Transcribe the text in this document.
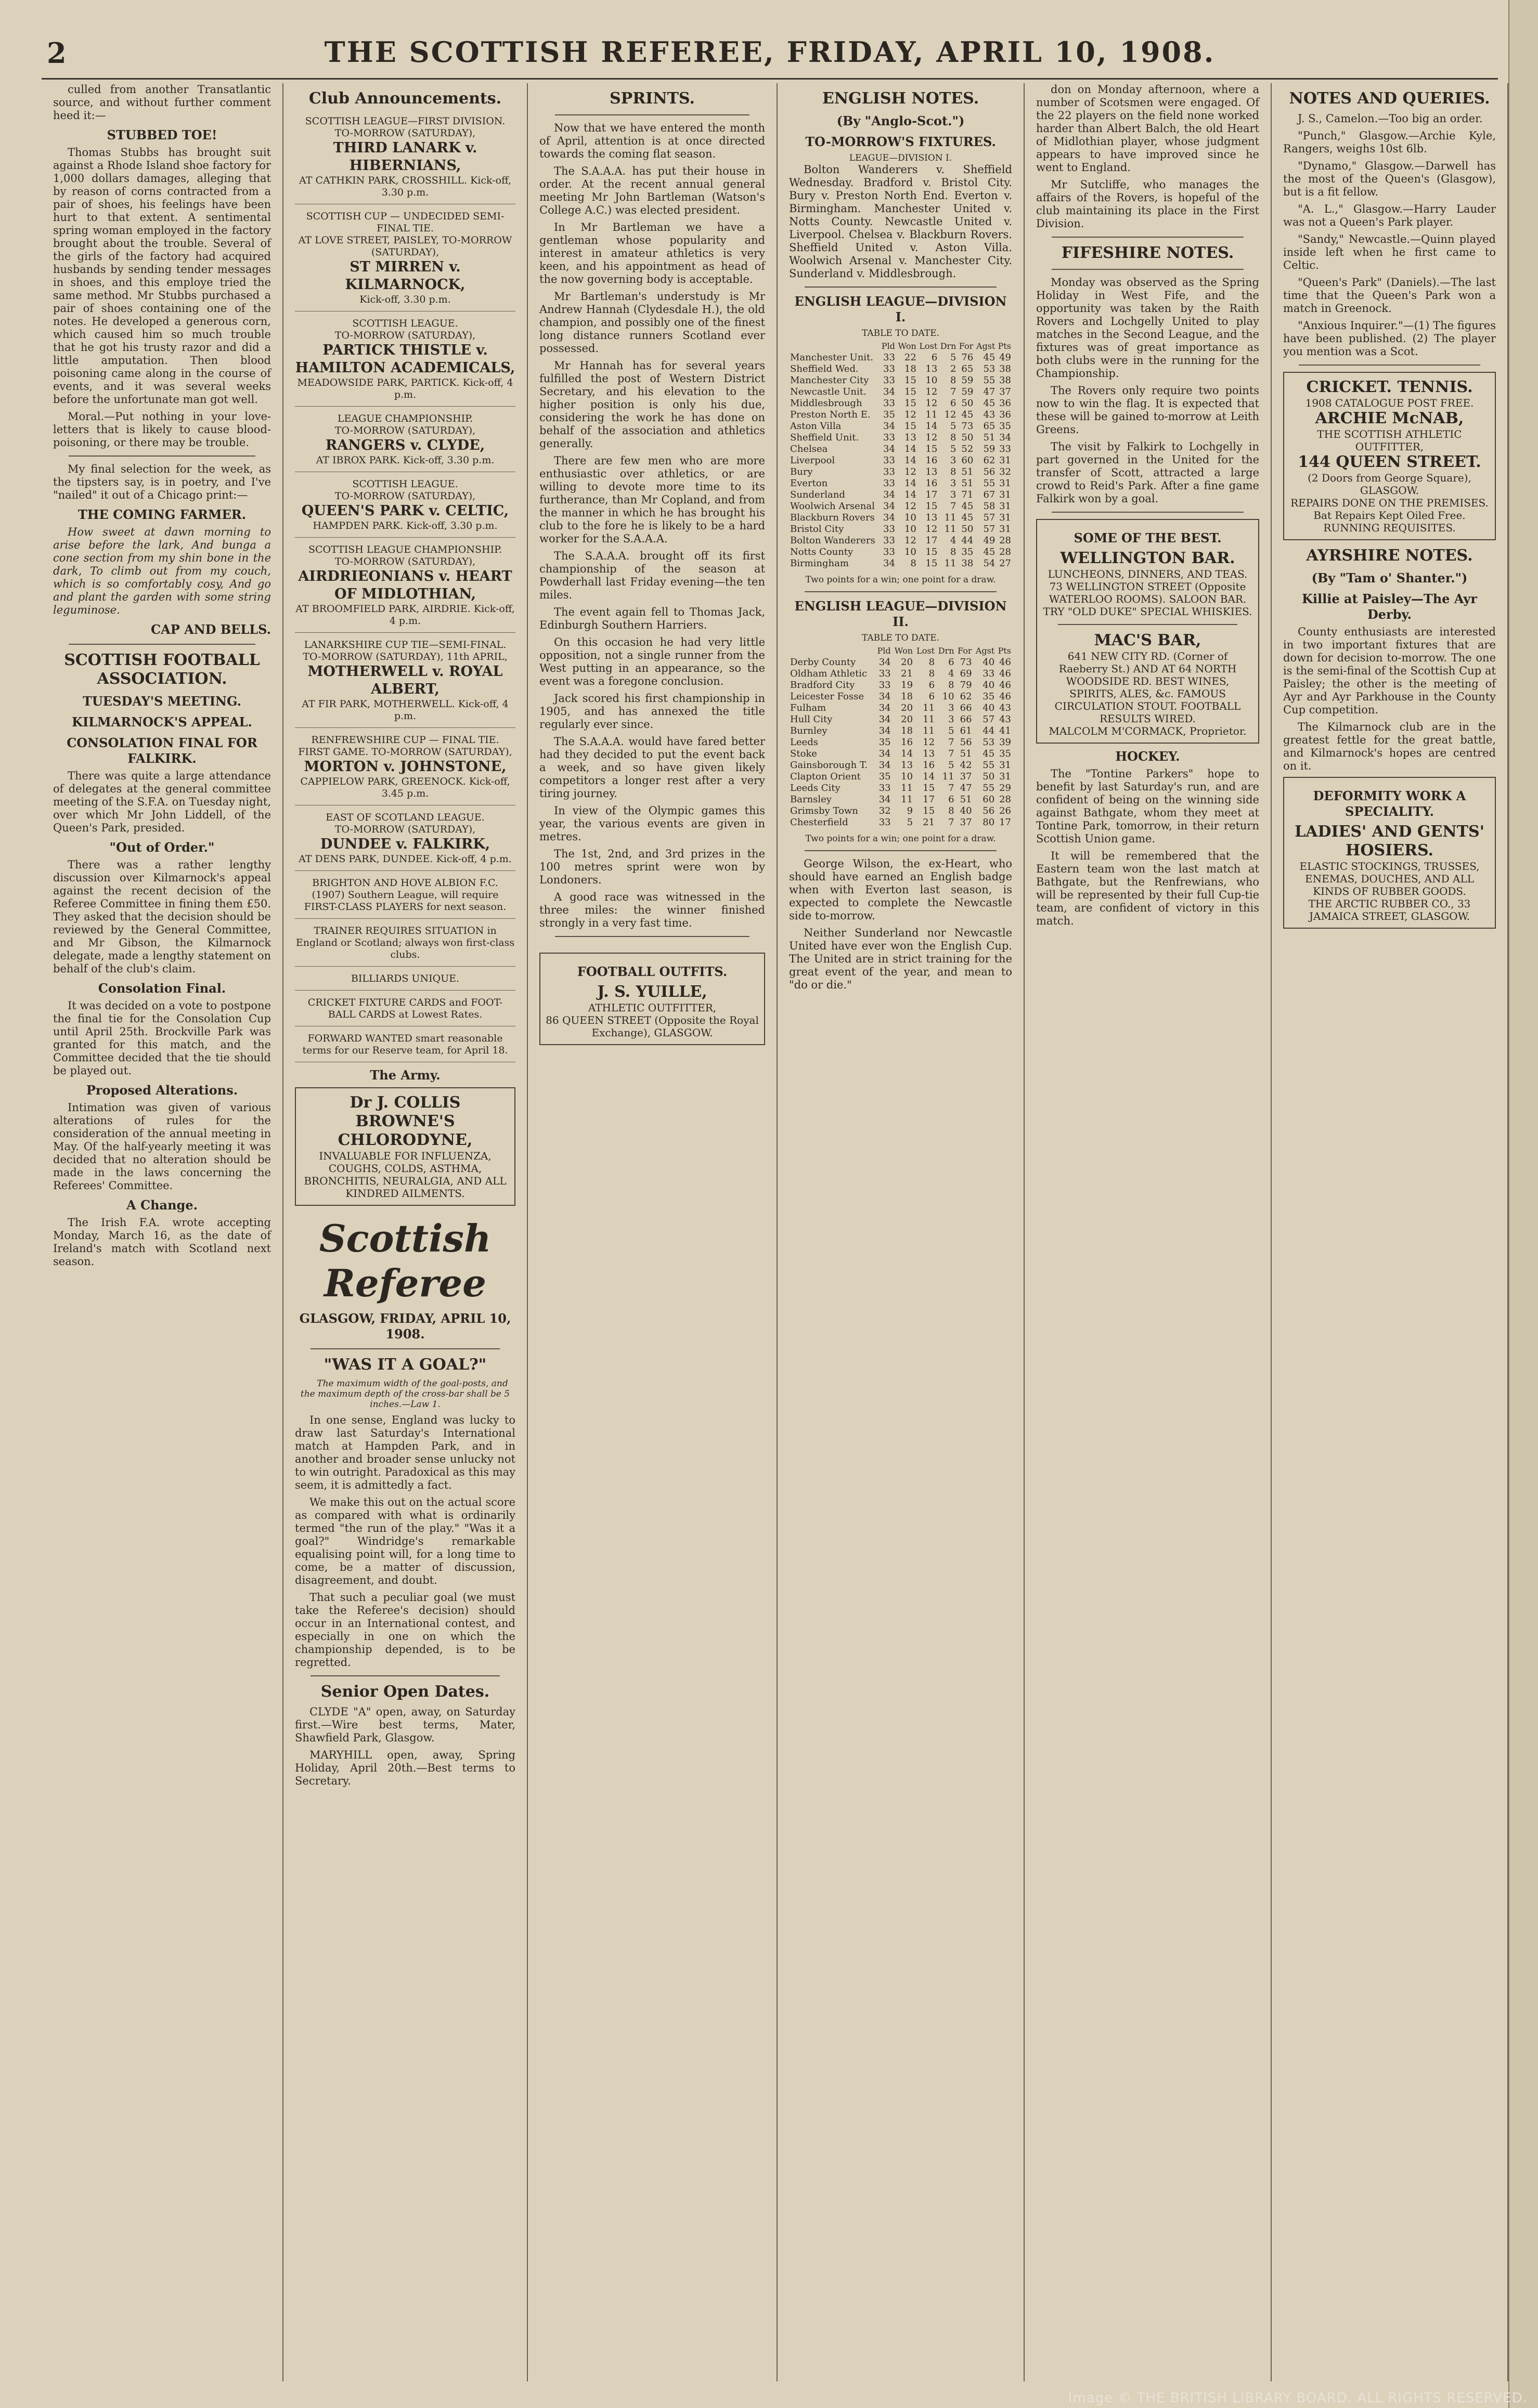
2	THE SCOTTISH REFEREE, FRIDAY, APRIL 10, 1908.

culled from another Transatlantic source, and without further comment heed it:—

STUBBED TOE!

Thomas Stubbs has brought suit against a Rhode Island shoe factory for 1,000 dollars damages, alleging that by reason of corns contracted from a pair of shoes, his feelings have been hurt to that extent. A sentimental spring woman employed in the factory brought about the trouble. Several of the girls of the factory had acquired husbands by sending tender messages in shoes, and this employe tried the same method. Mr Stubbs purchased a pair of shoes containing one of the notes. He developed a generous corn, which caused him so much trouble that he got his trusty razor and did a little amputation. Then blood poisoning came along in the course of events, and it was several weeks before the unfortunate man got well.

Moral.—Put nothing in your love-letters that is likely to cause blood-poisoning, or there may be trouble.

My final selection for the week, as the tipsters say, is in poetry, and I've "nailed" it out of a Chicago print:—

THE COMING FARMER.

How sweet at dawn morning to arise before the lark, And bunga a cone section from my shin bone in the dark, To climb out from my couch, which is so comfortably cosy, And go and plant the garden with some string leguminose.

CAP AND BELLS.
SCOTTISH FOOTBALL ASSOCIATION.
TUESDAY'S MEETING.
KILMARNOCK'S APPEAL.
CONSOLATION FINAL FOR FALKIRK.

There was quite a large attendance of delegates at the general committee meeting of the S.F.A. on Tuesday night, over which Mr John Liddell, of the Queen's Park, presided.

"Out of Order."

There was a rather lengthy discussion over Kilmarnock's appeal against the recent decision of the Referee Committee in fining them £50. They asked that the decision should be reviewed by the General Committee, and Mr Gibson, the Kilmarnock delegate, made a lengthy statement on behalf of the club's claim.

Consolation Final.

It was decided on a vote to postpone the final tie for the Consolation Cup until April 25th. Brockville Park was granted for this match, and the Committee decided that the tie should be played out.

Proposed Alterations.

Intimation was given of various alterations of rules for the consideration of the annual meeting in May. Of the half-yearly meeting it was decided that no alteration should be made in the laws concerning the Referees' Committee.

A Change.

The Irish F.A. wrote accepting Monday, March 16, as the date of Ireland's match with Scotland next season.

Club Announcements.
SCOTTISH LEAGUE—FIRST DIVISION.
TO-MORROW (SATURDAY),
THIRD LANARK v. HIBERNIANS,
AT CATHKIN PARK, CROSSHILL. Kick-off, 3.30 p.m.
SCOTTISH CUP — UNDECIDED SEMI-FINAL TIE.
AT LOVE STREET, PAISLEY, TO-MORROW (SATURDAY),
ST MIRREN v. KILMARNOCK,
Kick-off, 3.30 p.m.
SCOTTISH LEAGUE.
TO-MORROW (SATURDAY),
PARTICK THISTLE v. HAMILTON ACADEMICALS,
MEADOWSIDE PARK, PARTICK. Kick-off, 4 p.m.
LEAGUE CHAMPIONSHIP.
TO-MORROW (SATURDAY),
RANGERS v. CLYDE,
AT IBROX PARK. Kick-off, 3.30 p.m.
SCOTTISH LEAGUE.
TO-MORROW (SATURDAY),
QUEEN'S PARK v. CELTIC,
HAMPDEN PARK. Kick-off, 3.30 p.m.
SCOTTISH LEAGUE CHAMPIONSHIP.
TO-MORROW (SATURDAY),
AIRDRIEONIANS v. HEART OF MIDLOTHIAN,
AT BROOMFIELD PARK, AIRDRIE. Kick-off, 4 p.m.
LANARKSHIRE CUP TIE—SEMI-FINAL.
TO-MORROW (SATURDAY), 11th APRIL,
MOTHERWELL v. ROYAL ALBERT,
AT FIR PARK, MOTHERWELL. Kick-off, 4 p.m.
RENFREWSHIRE CUP — FINAL TIE.
FIRST GAME. TO-MORROW (SATURDAY),
MORTON v. JOHNSTONE,
CAPPIELOW PARK, GREENOCK. Kick-off, 3.45 p.m.
EAST OF SCOTLAND LEAGUE.
TO-MORROW (SATURDAY),
DUNDEE v. FALKIRK,
AT DENS PARK, DUNDEE. Kick-off, 4 p.m.
BRIGHTON AND HOVE ALBION F.C. (1907) Southern League, will require FIRST-CLASS PLAYERS for next season.
TRAINER REQUIRES SITUATION in England or Scotland; always won first-class clubs.
BILLIARDS UNIQUE.
CRICKET FIXTURE CARDS and FOOT-BALL CARDS at Lowest Rates.
FORWARD WANTED smart reasonable terms for our Reserve team, for April 18.
The Army.
Dr J. COLLIS BROWNE'S CHLORODYNE,
INVALUABLE FOR INFLUENZA, COUGHS, COLDS, ASTHMA, BRONCHITIS, NEURALGIA, AND ALL KINDRED AILMENTS.
Scottish Referee
GLASGOW, FRIDAY, APRIL 10, 1908.
"WAS IT A GOAL?"

The maximum width of the goal-posts, and the maximum depth of the cross-bar shall be 5 inches.—Law 1.

In one sense, England was lucky to draw last Saturday's International match at Hampden Park, and in another and broader sense unlucky not to win outright. Paradoxical as this may seem, it is admittedly a fact.

We make this out on the actual score as compared with what is ordinarily termed "the run of the play." "Was it a goal?" Windridge's remarkable equalising point will, for a long time to come, be a matter of discussion, disagreement, and doubt.

That such a peculiar goal (we must take the Referee's decision) should occur in an International contest, and especially in one on which the championship depended, is to be regretted.

Senior Open Dates.

CLYDE "A" open, away, on Saturday first.—Wire best terms, Mater, Shawfield Park, Glasgow.

MARYHILL open, away, Spring Holiday, April 20th.—Best terms to Secretary.

SPRINTS.

Now that we have entered the month of April, attention is at once directed towards the coming flat season.

The S.A.A.A. has put their house in order. At the recent annual general meeting Mr John Bartleman (Watson's College A.C.) was elected president.

In Mr Bartleman we have a gentleman whose popularity and interest in amateur athletics is very keen, and his appointment as head of the now governing body is acceptable.

Mr Bartleman's understudy is Mr Andrew Hannah (Clydesdale H.), the old champion, and possibly one of the finest long distance runners Scotland ever possessed.

Mr Hannah has for several years fulfilled the post of Western District Secretary, and his elevation to the higher position is only his due, considering the work he has done on behalf of the association and athletics generally.

There are few men who are more enthusiastic over athletics, or are willing to devote more time to its furtherance, than Mr Copland, and from the manner in which he has brought his club to the fore he is likely to be a hard worker for the S.A.A.A.

The S.A.A.A. brought off its first championship of the season at Powderhall last Friday evening—the ten miles.

The event again fell to Thomas Jack, Edinburgh Southern Harriers.

On this occasion he had very little opposition, not a single runner from the West putting in an appearance, so the event was a foregone conclusion.

Jack scored his first championship in 1905, and has annexed the title regularly ever since.

The S.A.A.A. would have fared better had they decided to put the event back a week, and so have given likely competitors a longer rest after a very tiring journey.

In view of the Olympic games this year, the various events are given in metres.

The 1st, 2nd, and 3rd prizes in the 100 metres sprint were won by Londoners.

A good race was witnessed in the three miles: the winner finished strongly in a very fast time.

FOOTBALL OUTFITS.
J. S. YUILLE,
ATHLETIC OUTFITTER,
86 QUEEN STREET (Opposite the Royal Exchange), GLASGOW.
ENGLISH NOTES.
(By "Anglo-Scot.")
TO-MORROW'S FIXTURES.
LEAGUE—DIVISION I.

Bolton Wanderers v. Sheffield Wednesday. Bradford v. Bristol City. Bury v. Preston North End. Everton v. Birmingham. Manchester United v. Notts County. Newcastle United v. Liverpool. Chelsea v. Blackburn Rovers. Sheffield United v. Aston Villa. Woolwich Arsenal v. Manchester City. Sunderland v. Middlesbrough.

ENGLISH LEAGUE—DIVISION I.
TABLE TO DATE.
	Pld	Won	Lost	Drn	For	Agst	Pts
Manchester Unit.	33	22	6	5	76	45	49
Sheffield Wed.	33	18	13	2	65	53	38
Manchester City	33	15	10	8	59	55	38
Newcastle Unit.	34	15	12	7	59	47	37
Middlesbrough	33	15	12	6	50	45	36
Preston North E.	35	12	11	12	45	43	36
Aston Villa	34	15	14	5	73	65	35
Sheffield Unit.	33	13	12	8	50	51	34
Chelsea	34	14	15	5	52	59	33
Liverpool	33	14	16	3	60	62	31
Bury	33	12	13	8	51	56	32
Everton	33	14	16	3	51	55	31
Sunderland	34	14	17	3	71	67	31
Woolwich Arsenal	34	12	15	7	45	58	31
Blackburn Rovers	34	10	13	11	45	57	31
Bristol City	33	10	12	11	50	57	31
Bolton Wanderers	33	12	17	4	44	49	28
Notts County	33	10	15	8	35	45	28
Birmingham	34	8	15	11	38	54	27
Two points for a win; one point for a draw.
ENGLISH LEAGUE—DIVISION II.
TABLE TO DATE.
	Pld	Won	Lost	Drn	For	Agst	Pts
Derby County	34	20	8	6	73	40	46
Oldham Athletic	33	21	8	4	69	33	46
Bradford City	33	19	6	8	79	40	46
Leicester Fosse	34	18	6	10	62	35	46
Fulham	34	20	11	3	66	40	43
Hull City	34	20	11	3	66	57	43
Burnley	34	18	11	5	61	44	41
Leeds	35	16	12	7	56	53	39
Stoke	34	14	13	7	51	45	35
Gainsborough T.	34	13	16	5	42	55	31
Clapton Orient	35	10	14	11	37	50	31
Leeds City	33	11	15	7	47	55	29
Barnsley	34	11	17	6	51	60	28
Grimsby Town	32	9	15	8	40	56	26
Chesterfield	33	5	21	7	37	80	17
Two points for a win; one point for a draw.

George Wilson, the ex-Heart, who should have earned an English badge when with Everton last season, is expected to complete the Newcastle side to-morrow.

Neither Sunderland nor Newcastle United have ever won the English Cup. The United are in strict training for the great event of the year, and mean to "do or die."

don on Monday afternoon, where a number of Scotsmen were engaged. Of the 22 players on the field none worked harder than Albert Balch, the old Heart of Midlothian player, whose judgment appears to have improved since he went to England.

Mr Sutcliffe, who manages the affairs of the Rovers, is hopeful of the club maintaining its place in the First Division.

FIFESHIRE NOTES.

Monday was observed as the Spring Holiday in West Fife, and the opportunity was taken by the Raith Rovers and Lochgelly United to play matches in the Second League, and the fixtures was of great importance as both clubs were in the running for the Championship.

The Rovers only require two points now to win the flag. It is expected that these will be gained to-morrow at Leith Greens.

The visit by Falkirk to Lochgelly in part governed in the United for the transfer of Scott, attracted a large crowd to Reid's Park. After a fine game Falkirk won by a goal.

SOME OF THE BEST.
WELLINGTON BAR.
LUNCHEONS, DINNERS, AND TEAS. 73 WELLINGTON STREET (Opposite WATERLOO ROOMS). SALOON BAR. TRY "OLD DUKE" SPECIAL WHISKIES.
MAC'S BAR,
641 NEW CITY RD. (Corner of Raeberry St.) AND AT 64 NORTH WOODSIDE RD. BEST WINES, SPIRITS, ALES, &c. FAMOUS CIRCULATION STOUT. FOOTBALL RESULTS WIRED.
MALCOLM M'CORMACK, Proprietor.
HOCKEY.

The "Tontine Parkers" hope to benefit by last Saturday's run, and are confident of being on the winning side against Bathgate, whom they meet at Tontine Park, tomorrow, in their return Scottish Union game.

It will be remembered that the Eastern team won the last match at Bathgate, but the Renfrewians, who will be represented by their full Cup-tie team, are confident of victory in this match.

NOTES AND QUERIES.

J. S., Camelon.—Too big an order.

"Punch," Glasgow.—Archie Kyle, Rangers, weighs 10st 6lb.

"Dynamo," Glasgow.—Darwell has the most of the Queen's (Glasgow), but is a fit fellow.

"A. L.," Glasgow.—Harry Lauder was not a Queen's Park player.

"Sandy," Newcastle.—Quinn played inside left when he first came to Celtic.

"Queen's Park" (Daniels).—The last time that the Queen's Park won a match in Greenock.

"Anxious Inquirer."—(1) The figures have been published. (2) The player you mention was a Scot.

CRICKET. TENNIS.
1908 CATALOGUE POST FREE.
ARCHIE McNAB,
THE SCOTTISH ATHLETIC OUTFITTER,
144 QUEEN STREET.
(2 Doors from George Square), GLASGOW.
REPAIRS DONE ON THE PREMISES. Bat Repairs Kept Oiled Free. RUNNING REQUISITES.
AYRSHIRE NOTES.
(By "Tam o' Shanter.")
Killie at Paisley—The Ayr Derby.

County enthusiasts are interested in two important fixtures that are down for decision to-morrow. The one is the semi-final of the Scottish Cup at Paisley; the other is the meeting of Ayr and Ayr Parkhouse in the County Cup competition.

The Kilmarnock club are in the greatest fettle for the great battle, and Kilmarnock's hopes are centred on it.

DEFORMITY WORK A SPECIALITY.
LADIES' AND GENTS' HOSIERS.
ELASTIC STOCKINGS, TRUSSES, ENEMAS, DOUCHES, AND ALL KINDS OF RUBBER GOODS.
THE ARCTIC RUBBER CO., 33 JAMAICA STREET, GLASGOW.
Image © THE BRITISH LIBRARY BOARD. ALL RIGHTS RESERVED.
